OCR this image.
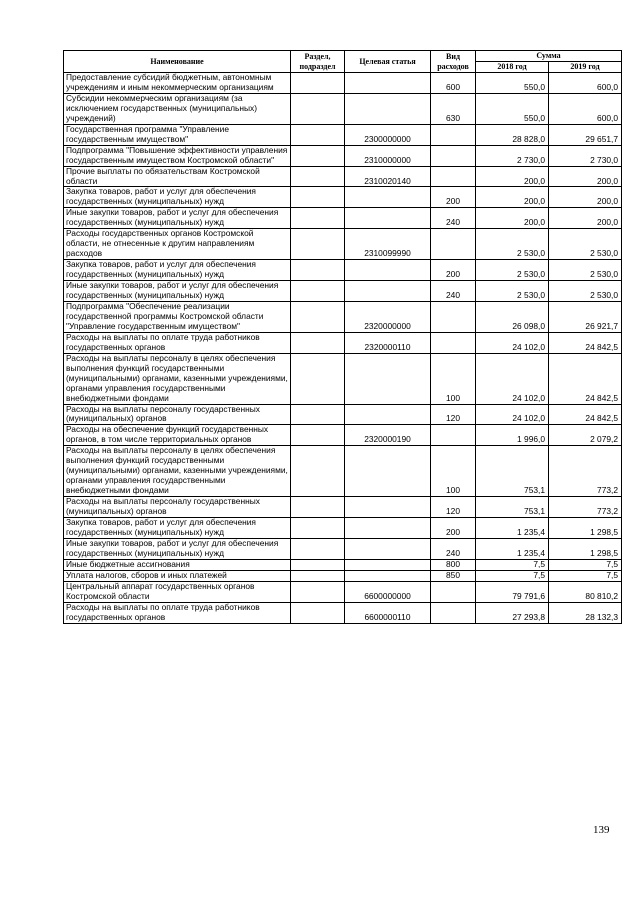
Наименование	Раздел, подраздел	Целевая статья	Вид расходов	Сумма	
				2018 год	2019 год
Предоставление субсидий бюджетным, автономным учреждениям и иным некоммерческим организациям			600	550,0	600,0
Субсидии некоммерческим организациям (за исключением государственных (муниципальных) учреждений)			630	550,0	600,0
Государственная программа "Управление государственным имуществом"		2300000000		28 828,0	29 651,7
Подпрограмма "Повышение эффективности управления государственным имуществом Костромской области"		2310000000		2 730,0	2 730,0
Прочие выплаты по обязательствам Костромской области		2310020140		200,0	200,0
Закупка товаров, работ и услуг для обеспечения государственных (муниципальных) нужд			200	200,0	200,0
Иные закупки товаров, работ и услуг для обеспечения государственных (муниципальных) нужд			240	200,0	200,0
Расходы государственных органов Костромской области, не отнесенные к другим направлениям расходов		2310099990		2 530,0	2 530,0
Закупка товаров, работ и услуг для обеспечения государственных (муниципальных) нужд			200	2 530,0	2 530,0
Иные закупки товаров, работ и услуг для обеспечения государственных (муниципальных) нужд			240	2 530,0	2 530,0
Подпрограмма "Обеспечение реализации государственной программы Костромской области "Управление государственным имуществом"		2320000000		26 098,0	26 921,7
Расходы на выплаты по оплате труда работников государственных органов		2320000110		24 102,0	24 842,5
Расходы на выплаты персоналу в целях обеспечения выполнения функций государственными (муниципальными) органами, казенными учреждениями, органами управления государственными внебюджетными фондами			100	24 102,0	24 842,5
Расходы на выплаты персоналу государственных (муниципальных) органов			120	24 102,0	24 842,5
Расходы на обеспечение функций государственных органов, в том числе территориальных органов		2320000190		1 996,0	2 079,2
Расходы на выплаты персоналу в целях обеспечения выполнения функций государственными (муниципальными) органами, казенными учреждениями, органами управления государственными внебюджетными фондами			100	753,1	773,2
Расходы на выплаты персоналу государственных (муниципальных) органов			120	753,1	773,2
Закупка товаров, работ и услуг для обеспечения государственных (муниципальных) нужд			200	1 235,4	1 298,5
Иные закупки товаров, работ и услуг для обеспечения государственных (муниципальных) нужд			240	1 235,4	1 298,5
Иные бюджетные ассигнования			800	7,5	7,5
Уплата налогов, сборов и иных платежей			850	7,5	7,5
Центральный аппарат государственных органов Костромской области		6600000000		79 791,6	80 810,2
Расходы на выплаты по оплате труда работников государственных органов		6600000110		27 293,8	28 132,3
139
